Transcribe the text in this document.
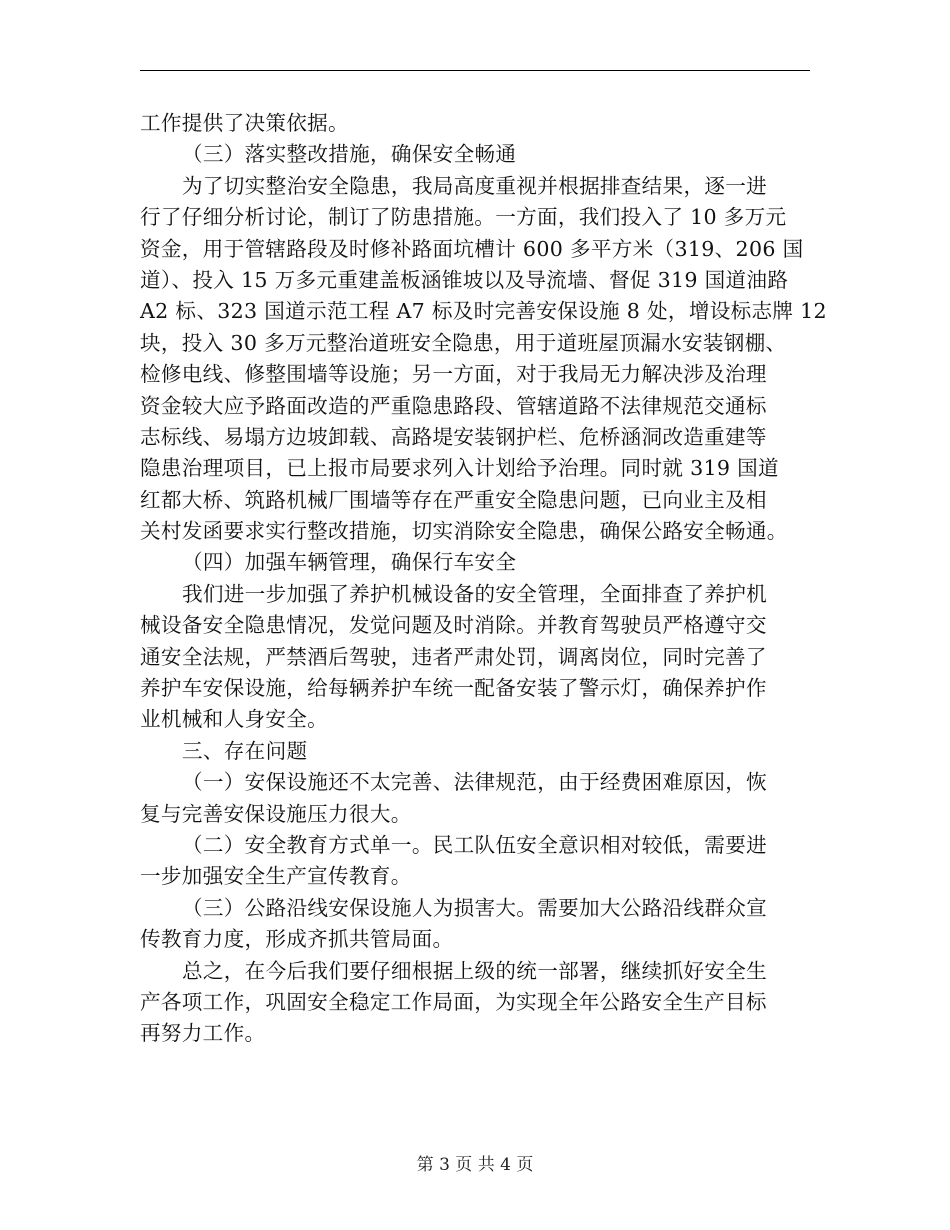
工作提供了决策依据。
（三）落实整改措施，确保安全畅通
为了切实整治安全隐患，我局高度重视并根据排查结果，逐一进
行了仔细分析讨论，制订了防患措施。一方面，我们投入了 10 多万元
资金，用于管辖路段及时修补路面坑槽计 600 多平方米（319、206 国
道）、投入 15 万多元重建盖板涵锥坡以及导流墙、督促 319 国道油路
A2 标、323 国道示范工程 A7 标及时完善安保设施 8 处，增设标志牌 12
块，投入 30 多万元整治道班安全隐患，用于道班屋顶漏水安装钢棚、
检修电线、修整围墙等设施；另一方面，对于我局无力解决涉及治理
资金较大应予路面改造的严重隐患路段、管辖道路不法律规范交通标
志标线、易塌方边坡卸载、高路堤安装钢护栏、危桥涵洞改造重建等
隐患治理项目，已上报市局要求列入计划给予治理。同时就 319 国道
红都大桥、筑路机械厂围墙等存在严重安全隐患问题，已向业主及相
关村发函要求实行整改措施，切实消除安全隐患，确保公路安全畅通。
（四）加强车辆管理，确保行车安全
我们进一步加强了养护机械设备的安全管理，全面排查了养护机
械设备安全隐患情况，发觉问题及时消除。并教育驾驶员严格遵守交
通安全法规，严禁酒后驾驶，违者严肃处罚，调离岗位，同时完善了
养护车安保设施，给每辆养护车统一配备安装了警示灯，确保养护作
业机械和人身安全。
三、存在问题
（一）安保设施还不太完善、法律规范，由于经费困难原因，恢
复与完善安保设施压力很大。
（二）安全教育方式单一。民工队伍安全意识相对较低，需要进
一步加强安全生产宣传教育。
（三）公路沿线安保设施人为损害大。需要加大公路沿线群众宣
传教育力度，形成齐抓共管局面。
总之，在今后我们要仔细根据上级的统一部署，继续抓好安全生
产各项工作，巩固安全稳定工作局面，为实现全年公路安全生产目标
再努力工作。
第 3 页 共 4 页
